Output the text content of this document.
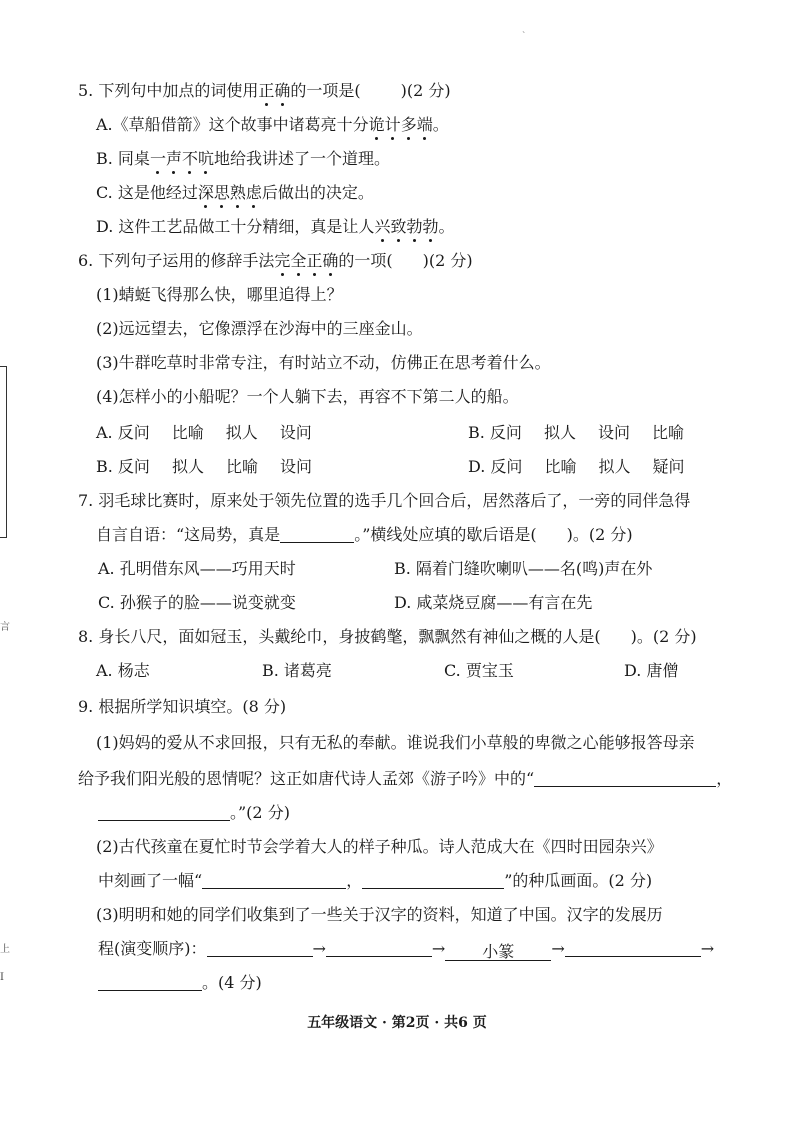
˴
言
上
I
5. 下列句中加点的词使用正确的一项是(	)(2 分)
A.《草船借箭》这个故事中诸葛亮十分诡计多端。
B. 同桌一声不吭地给我讲述了一个道理。
C. 这是他经过深思熟虑后做出的决定。
D. 这件工艺品做工十分精细，真是让人兴致勃勃。
6. 下列句子运用的修辞手法完全正确的一项( )(2 分)
(1)蜻蜓飞得那么快，哪里追得上？
(2)远远望去，它像漂浮在沙海中的三座金山。
(3)牛群吃草时非常专注，有时站立不动，仿佛正在思考着什么。
(4)怎样小的小船呢？一个人躺下去，再容不下第二人的船。
A. 反问 比喻 拟人 设问	B. 反问 拟人 设问 比喻
B. 反问 拟人 比喻 设问	D. 反问 比喻 拟人 疑问
7. 羽毛球比赛时，原来处于领先位置的选手几个回合后，居然落后了，一旁的同伴急得
自言自语：“这局势，真是	。”横线处应填的歇后语是( )。(2 分)
A. 孔明借东风——巧用天时	B. 隔着门缝吹喇叭——名(鸣)声在外
C. 孙猴子的脸——说变就变	D. 咸菜烧豆腐——有言在先
8. 身长八尺，面如冠玉，头戴纶巾，身披鹤氅，飘飘然有神仙之概的人是( )。(2 分)
A. 杨志	B. 诸葛亮	C. 贾宝玉	D. 唐僧
9. 根据所学知识填空。(8 分)
(1)妈妈的爱从不求回报，只有无私的奉献。谁说我们小草般的卑微之心能够报答母亲
给予我们阳光般的恩情呢？这正如唐代诗人孟郊《游子吟》中的“	，
。”(2 分)
(2)古代孩童在夏忙时节会学着大人的样子种瓜。诗人范成大在《四时田园杂兴》
中刻画了一幅“	，	”的种瓜画面。(2 分)
(3)明明和她的同学们收集到了一些关于汉字的资料，知道了中国。汉字的发展历
程(演变顺序)：	→	→ 小篆 →	→
。(4 分)
五年级语文 · 第2页 · 共6 页
